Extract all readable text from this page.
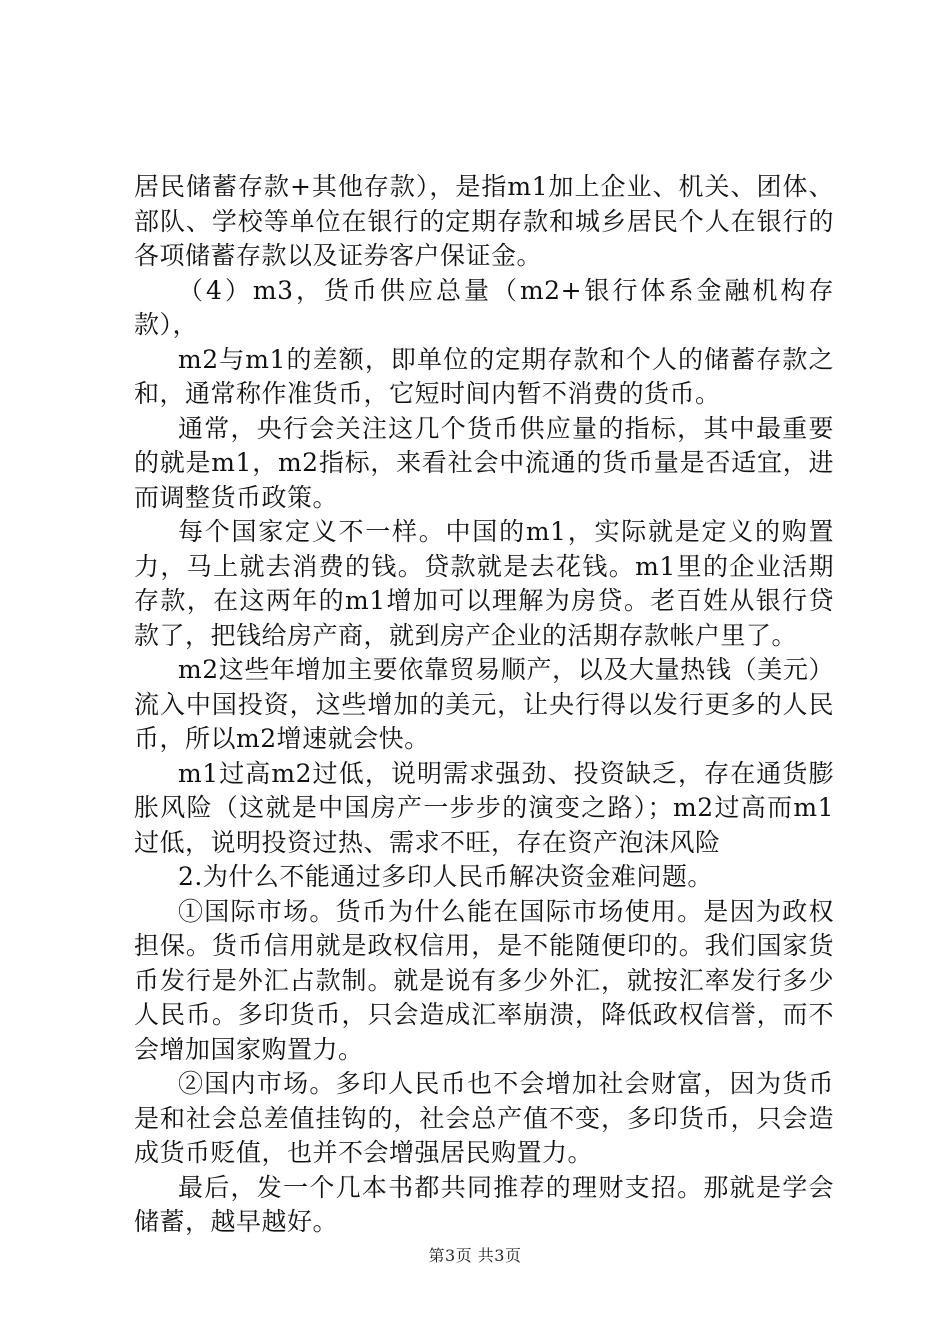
居民储蓄存款+其他存款），是指m1加上企业、机关、团体、部队、学校等单位在银行的定期存款和城乡居民个人在银行的各项储蓄存款以及证券客户保证金。

（4）m3，货币供应总量（m2+银行体系金融机构存款），

m2与m1的差额，即单位的定期存款和个人的储蓄存款之和，通常称作准货币，它短时间内暂不消费的货币。

通常，央行会关注这几个货币供应量的指标，其中最重要的就是m1，m2指标，来看社会中流通的货币量是否适宜，进而调整货币政策。

每个国家定义不一样。中国的m1，实际就是定义的购置力，马上就去消费的钱。贷款就是去花钱。m1里的企业活期存款，在这两年的m1增加可以理解为房贷。老百姓从银行贷款了，把钱给房产商，就到房产企业的活期存款帐户里了。

m2这些年增加主要依靠贸易顺产，以及大量热钱（美元）流入中国投资，这些增加的美元，让央行得以发行更多的人民币，所以m2增速就会快。

m1过高m2过低，说明需求强劲、投资缺乏，存在通货膨胀风险（这就是中国房产一步步的演变之路）；m2过高而m1过低，说明投资过热、需求不旺，存在资产泡沫风险

2.为什么不能通过多印人民币解决资金难问题。

①国际市场。货币为什么能在国际市场使用。是因为政权担保。货币信用就是政权信用，是不能随便印的。我们国家货币发行是外汇占款制。就是说有多少外汇，就按汇率发行多少人民币。多印货币，只会造成汇率崩溃，降低政权信誉，而不会增加国家购置力。

②国内市场。多印人民币也不会增加社会财富，因为货币是和社会总差值挂钩的，社会总产值不变，多印货币，只会造成货币贬值，也并不会增强居民购置力。

最后，发一个几本书都共同推荐的理财支招。那就是学会储蓄，越早越好。

第3页 共3页
